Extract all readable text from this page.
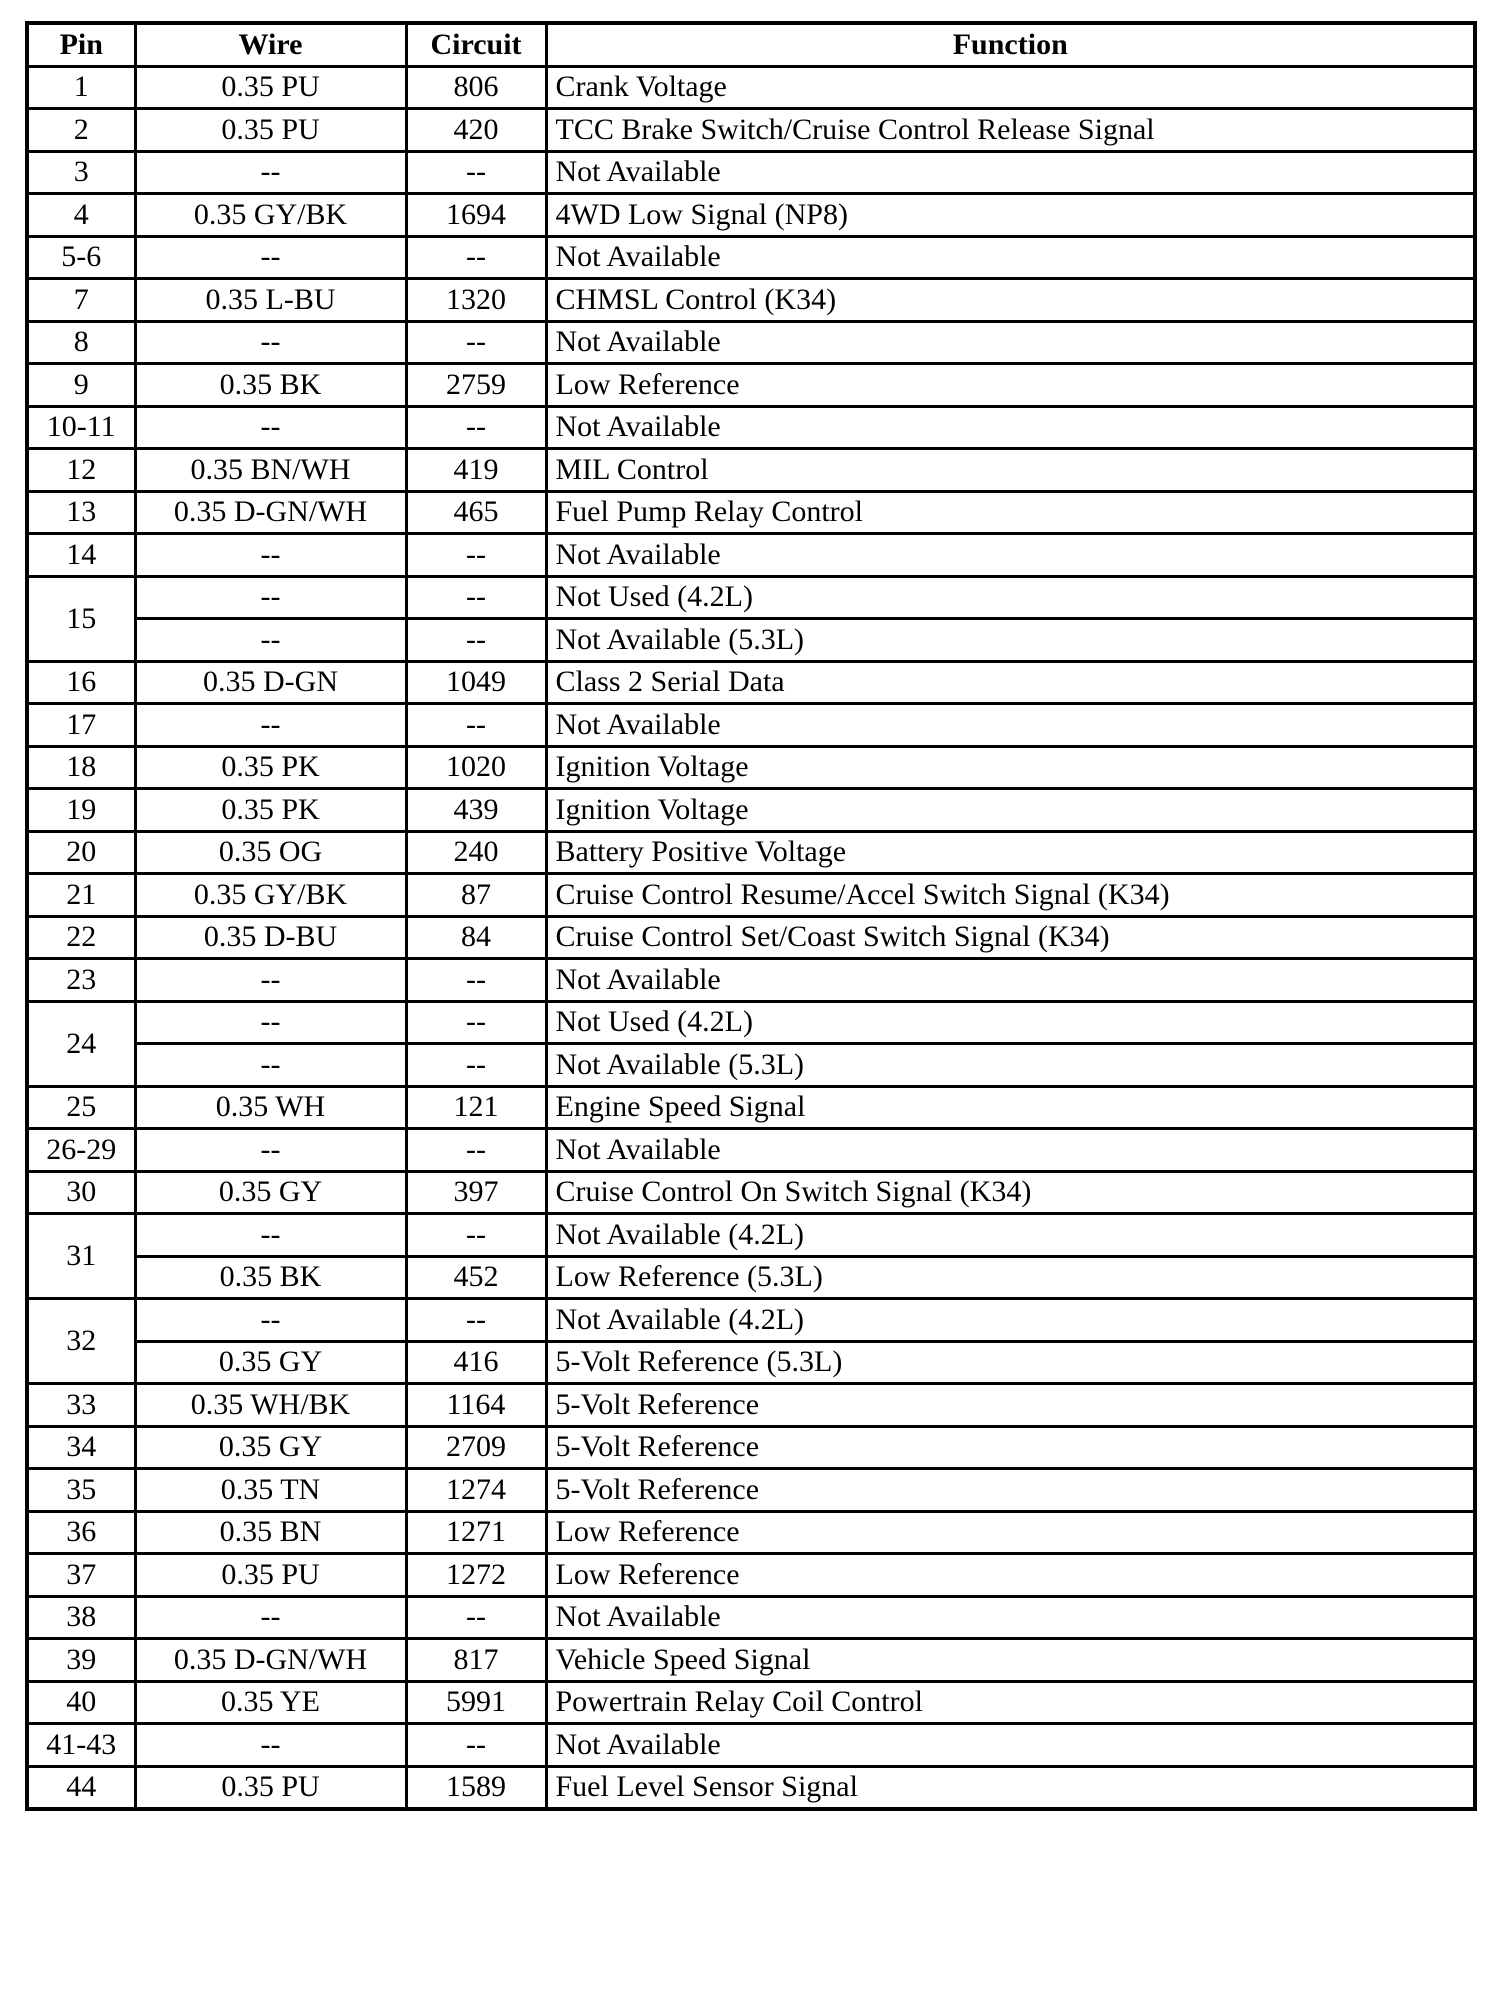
Pin	Wire	Circuit	Function
1	0.35 PU	806	Crank Voltage
2	0.35 PU	420	TCC Brake Switch/Cruise Control Release Signal
3	--	--	Not Available
4	0.35 GY/BK	1694	4WD Low Signal (NP8)
5-6	--	--	Not Available
7	0.35 L-BU	1320	CHMSL Control (K34)
8	--	--	Not Available
9	0.35 BK	2759	Low Reference
10-11	--	--	Not Available
12	0.35 BN/WH	419	MIL Control
13	0.35 D-GN/WH	465	Fuel Pump Relay Control
14	--	--	Not Available
15	--	--	Not Used (4.2L)
	--	--	Not Available (5.3L)
16	0.35 D-GN	1049	Class 2 Serial Data
17	--	--	Not Available
18	0.35 PK	1020	Ignition Voltage
19	0.35 PK	439	Ignition Voltage
20	0.35 OG	240	Battery Positive Voltage
21	0.35 GY/BK	87	Cruise Control Resume/Accel Switch Signal (K34)
22	0.35 D-BU	84	Cruise Control Set/Coast Switch Signal (K34)
23	--	--	Not Available
24	--	--	Not Used (4.2L)
	--	--	Not Available (5.3L)
25	0.35 WH	121	Engine Speed Signal
26-29	--	--	Not Available
30	0.35 GY	397	Cruise Control On Switch Signal (K34)
31	--	--	Not Available (4.2L)
	0.35 BK	452	Low Reference (5.3L)
32	--	--	Not Available (4.2L)
	0.35 GY	416	5-Volt Reference (5.3L)
33	0.35 WH/BK	1164	5-Volt Reference
34	0.35 GY	2709	5-Volt Reference
35	0.35 TN	1274	5-Volt Reference
36	0.35 BN	1271	Low Reference
37	0.35 PU	1272	Low Reference
38	--	--	Not Available
39	0.35 D-GN/WH	817	Vehicle Speed Signal
40	0.35 YE	5991	Powertrain Relay Coil Control
41-43	--	--	Not Available
44	0.35 PU	1589	Fuel Level Sensor Signal
